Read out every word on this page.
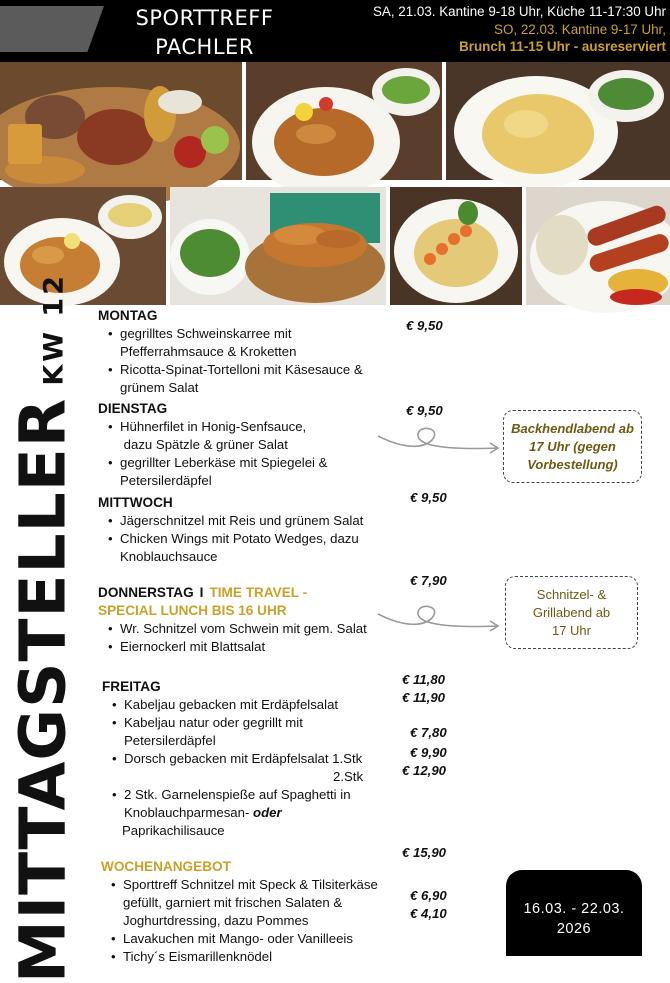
SPORTTREFF
PACHLER
SA, 21.03. Kantine 9-18 Uhr, Küche 11-17:30 Uhr
SO, 22.03. Kantine 9-17 Uhr,
Brunch 11-15 Uhr - ausreserviert
MITTAGSTELLER
KW 12	MONTAG
• gegrilltes Schweinskarree mit
Pfefferrahmsauce & Kroketten
• Ricotta-Spinat-Tortelloni mit Käsesauce &
grünem Salat
DIENSTAG
• Hühnerfilet in Honig-Senfsauce,
dazu Spätzle & grüner Salat
• gegrillter Leberkäse mit Spiegelei &
Petersilerdäpfel
MITTWOCH
• Jägerschnitzel mit Reis und grünem Salat
• Chicken Wings mit Potato Wedges, dazu
Knoblauchsauce
DONNERSTAG I TIME TRAVEL -
SPECIAL LUNCH BIS 16 UHR
• Wr. Schnitzel vom Schwein mit gem. Salat
• Eiernockerl mit Blattsalat
FREITAG
• Kabeljau gebacken mit Erdäpfelsalat
• Kabeljau natur oder gegrillt mit
Petersilerdäpfel
• Dorsch gebacken mit Erdäpfelsalat 1.Stk
2.Stk
• 2 Stk. Garnelenspieße auf Spaghetti in
Knoblauchparmesan- oder
Paprikachilisauce
WOCHENANGEBOT
• Sporttreff Schnitzel mit Speck & Tilsiterkäse
gefüllt, garniert mit frischen Salaten &
Joghurtdressing, dazu Pommes
• Lavakuchen mit Mango- oder Vanilleeis
• Tichy´s Eismarillenknödel
€ 9,50
€ 9,50
€ 9,50
€ 7,90
€ 11,80
€ 11,90
€ 7,80
€ 9,90
€ 12,90
€ 15,90
€ 6,90
€ 4,10
Backhendlabend ab
17 Uhr (gegen
Vorbestellung)
Schnitzel- &
Grillabend ab
17 Uhr
16.03. - 22.03.
2026
